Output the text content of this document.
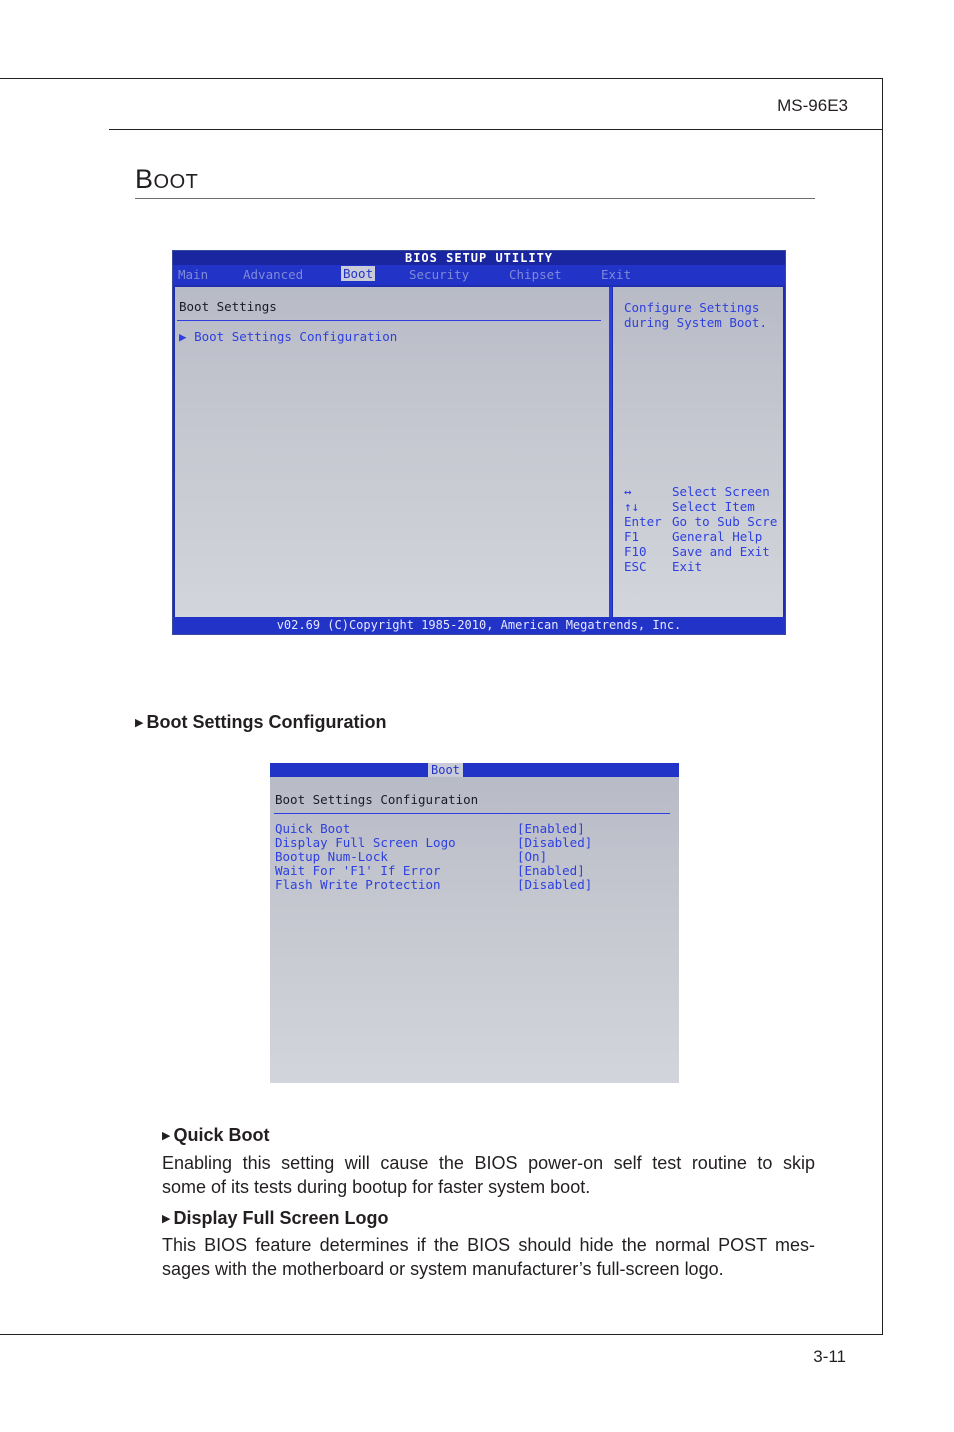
MS-96E3
BOOT
BIOS SETUP UTILITY
Main	Advanced	Boot	Security	Chipset	Exit
Boot Settings
▶ Boot Settings Configuration
Configure Settings
during System Boot.
↔	Select Screen
↑↓	Select Item
Enter Go to Sub Scre
F1	General Help
F10 Save and Exit
ESC Exit
v02.69 (C)Copyright 1985-2010, American Megatrends, Inc.
▶ Boot Settings Configuration
Boot
Boot Settings Configuration
Quick Boot	[Enabled]
Display Full Screen Logo	[Disabled]
Bootup Num-Lock	[On]
Wait For 'F1' If Error	[Enabled]
Flash Write Protection	[Disabled]
▶ Quick Boot
Enabling this setting will cause the BIOS power-on self test routine to skip
some of its tests during bootup for faster system boot.
▶ Display Full Screen Logo
This BIOS feature determines if the BIOS should hide the normal POST mes-
sages with the motherboard or system manufacturer’s full-screen logo.
3-11
